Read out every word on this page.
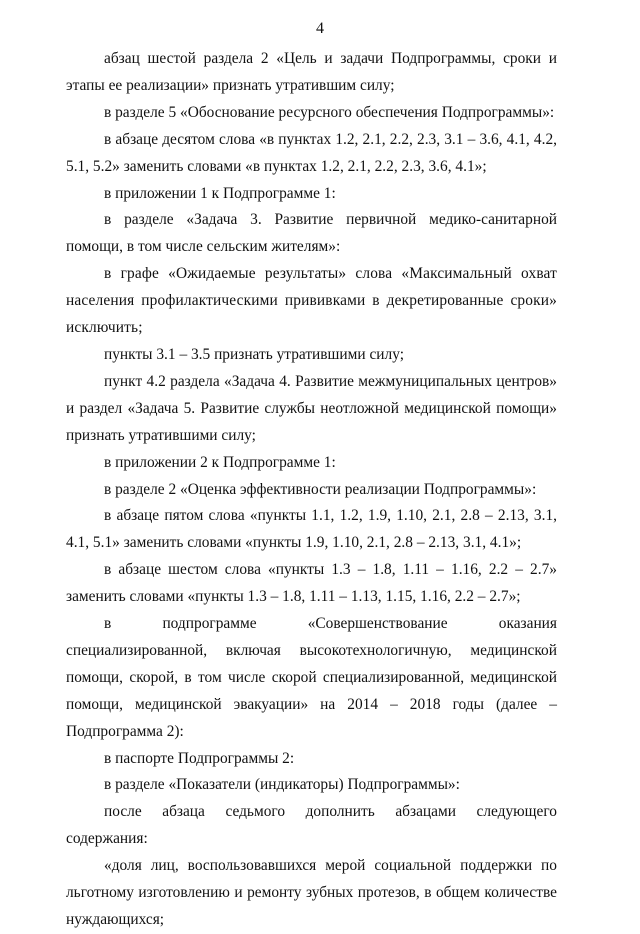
4

абзац шестой раздела 2 «Цель и задачи Подпрограммы, сроки и этапы ее реализации» признать утратившим силу;

в разделе 5 «Обоснование ресурсного обеспечения Подпрограммы»:

в абзаце десятом слова «в пунктах 1.2, 2.1, 2.2, 2.3, 3.1 – 3.6, 4.1, 4.2, 5.1, 5.2» заменить словами «в пунктах 1.2, 2.1, 2.2, 2.3, 3.6, 4.1»;

в приложении 1 к Подпрограмме 1:

в разделе «Задача 3. Развитие первичной медико-санитарной помощи, в том числе сельским жителям»:

в графе «Ожидаемые результаты» слова «Максимальный охват населения профилактическими прививками в декретированные сроки» исключить;

пункты 3.1 – 3.5 признать утратившими силу;

пункт 4.2 раздела «Задача 4. Развитие межмуниципальных центров» и раздел «Задача 5. Развитие службы неотложной медицинской помощи» признать утратившими силу;

в приложении 2 к Подпрограмме 1:

в разделе 2 «Оценка эффективности реализации Подпрограммы»:

в абзаце пятом слова «пункты 1.1, 1.2, 1.9, 1.10, 2.1, 2.8 – 2.13, 3.1, 4.1, 5.1» заменить словами «пункты 1.9, 1.10, 2.1, 2.8 – 2.13, 3.1, 4.1»;

в абзаце шестом слова «пункты 1.3 – 1.8, 1.11 – 1.16, 2.2 – 2.7» заменить словами «пункты 1.3 – 1.8, 1.11 – 1.13, 1.15, 1.16, 2.2 – 2.7»;

в подпрограмме «Совершенствование оказания специализированной, включая высокотехнологичную, медицинской помощи, скорой, в том числе скорой специализированной, медицинской помощи, медицинской эвакуации» на 2014 – 2018 годы (далее – Подпрограмма 2):

в паспорте Подпрограммы 2:

в разделе «Показатели (индикаторы) Подпрограммы»:

после абзаца седьмого дополнить абзацами следующего содержания:

«доля лиц, воспользовавшихся мерой социальной поддержки по льготному изготовлению и ремонту зубных протезов, в общем количестве нуждающихся;
